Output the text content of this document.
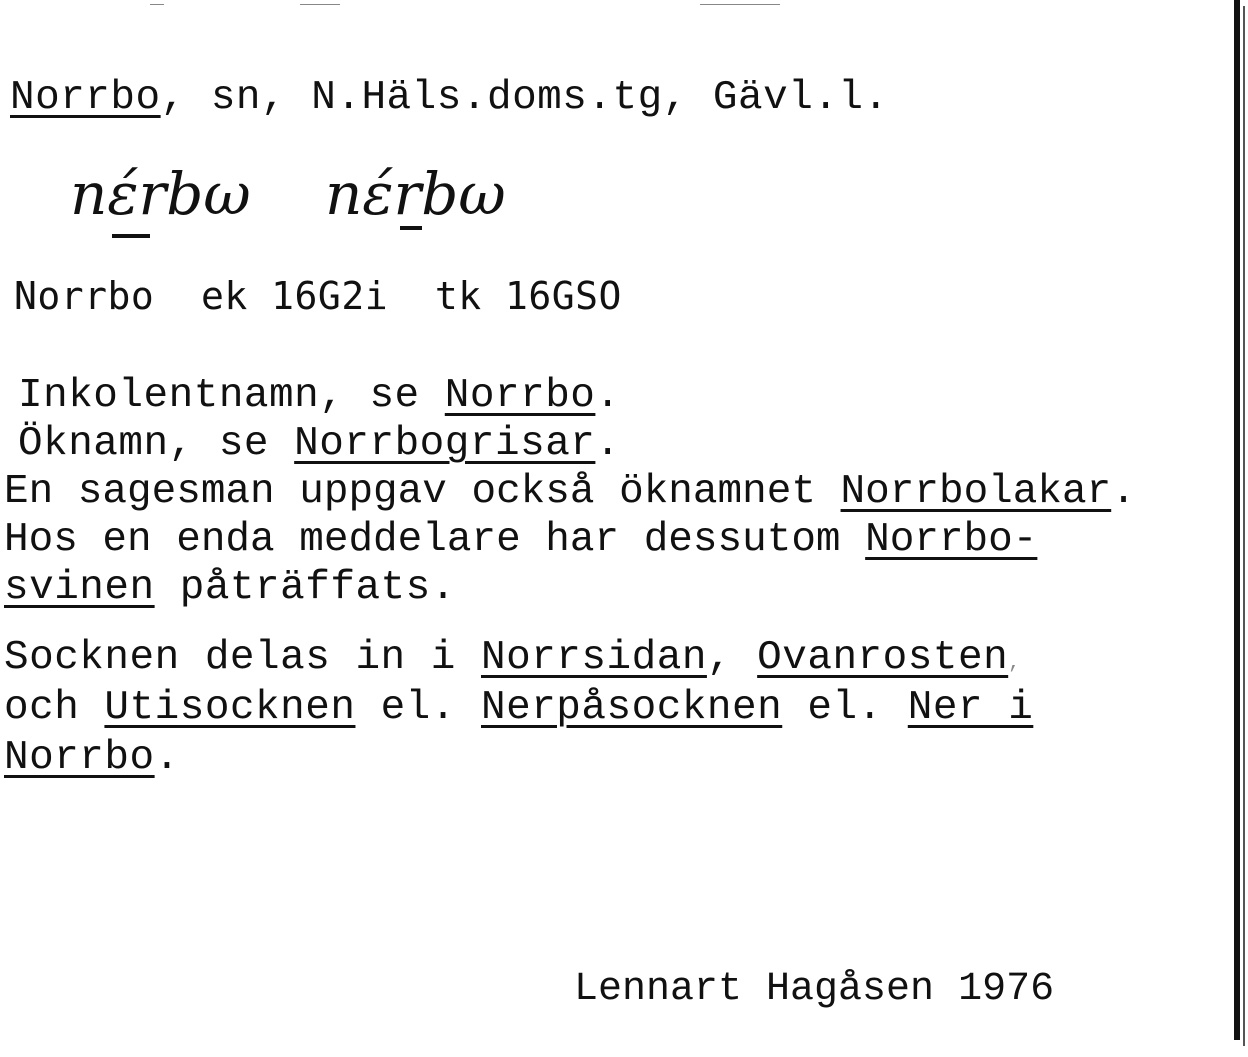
Norrbo, sn, N.Häls.doms.tg, Gävl.l.
nɛ́rbω nɛ́rbω
Norrbo ek 16G2i tk 16GSO
Inkolentnamn, se Norrbo.
Öknamn, se Norrbogrisar.
En sagesman uppgav också öknamnet Norrbolakar.
Hos en enda meddelare har dessutom Norrbo-
svinen påträffats.
Socknen delas in i Norrsidan, Ovanrosten,
och Utisocknen el. Nerpåsocknen el. Ner i
Norrbo.
Lennart Hagåsen 1976
